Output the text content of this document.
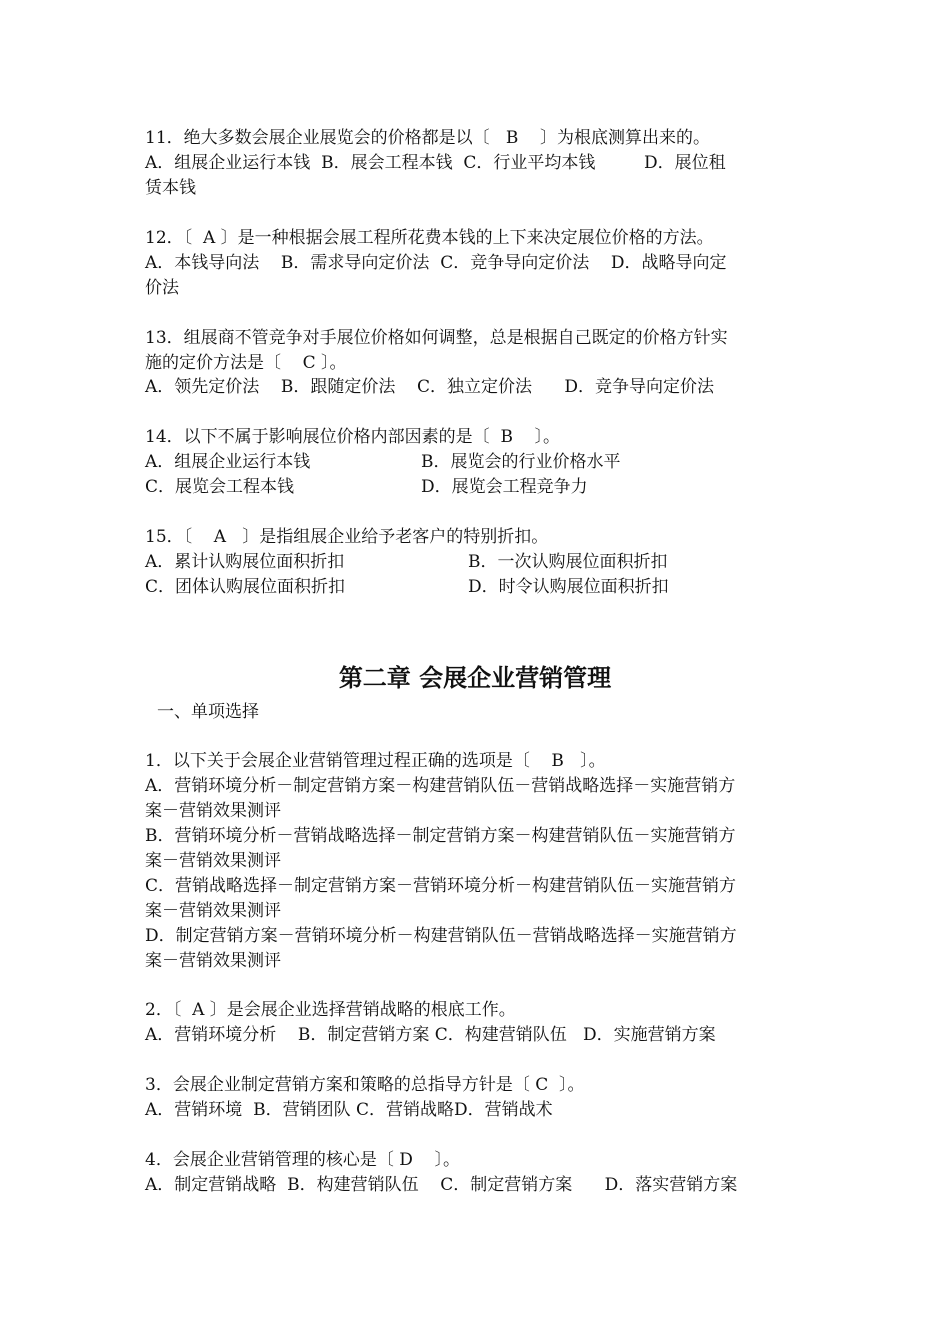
11．绝大多数会展企业展览会的价格都是以〔   B    〕为根底测算出来的。
A．组展企业运行本钱  B．展会工程本钱  C．行业平均本钱         D．展位租
赁本钱
12．〔  A 〕是一种根据会展工程所花费本钱的上下来决定展位价格的方法。
A．本钱导向法    B．需求导向定价法  C．竞争导向定价法    D．战略导向定
价法
13．组展商不管竞争对手展位价格如何调整，总是根据自己既定的价格方针实
施的定价方法是〔    C 〕。
A．领先定价法    B．跟随定价法    C．独立定价法      D．竞争导向定价法
14．以下不属于影响展位价格内部因素的是〔  B    〕。
A．组展企业运行本钱	B．展览会的行业价格水平
C．展览会工程本钱	D．展览会工程竞争力
15．〔    A   〕是指组展企业给予老客户的特别折扣。
A．累计认购展位面积折扣	B．一次认购展位面积折扣
C．团体认购展位面积折扣	D．时令认购展位面积折扣
第二章 会展企业营销管理
一、单项选择
1．以下关于会展企业营销管理过程正确的选项是〔    B   〕。
A．营销环境分析－制定营销方案－构建营销队伍－营销战略选择－实施营销方
案－营销效果测评
B．营销环境分析－营销战略选择－制定营销方案－构建营销队伍－实施营销方
案－营销效果测评
C．营销战略选择－制定营销方案－营销环境分析－构建营销队伍－实施营销方
案－营销效果测评
D．制定营销方案－营销环境分析－构建营销队伍－营销战略选择－实施营销方
案－营销效果测评
2．〔  A 〕是会展企业选择营销战略的根底工作。
A．营销环境分析    B．制定营销方案 C．构建营销队伍   D．实施营销方案
3．会展企业制定营销方案和策略的总指导方针是〔 C  〕。
A．营销环境  B．营销团队 C．营销战略D．营销战术
4．会展企业营销管理的核心是〔 D    〕。
A．制定营销战略  B．构建营销队伍    C．制定营销方案      D．落实营销方案
